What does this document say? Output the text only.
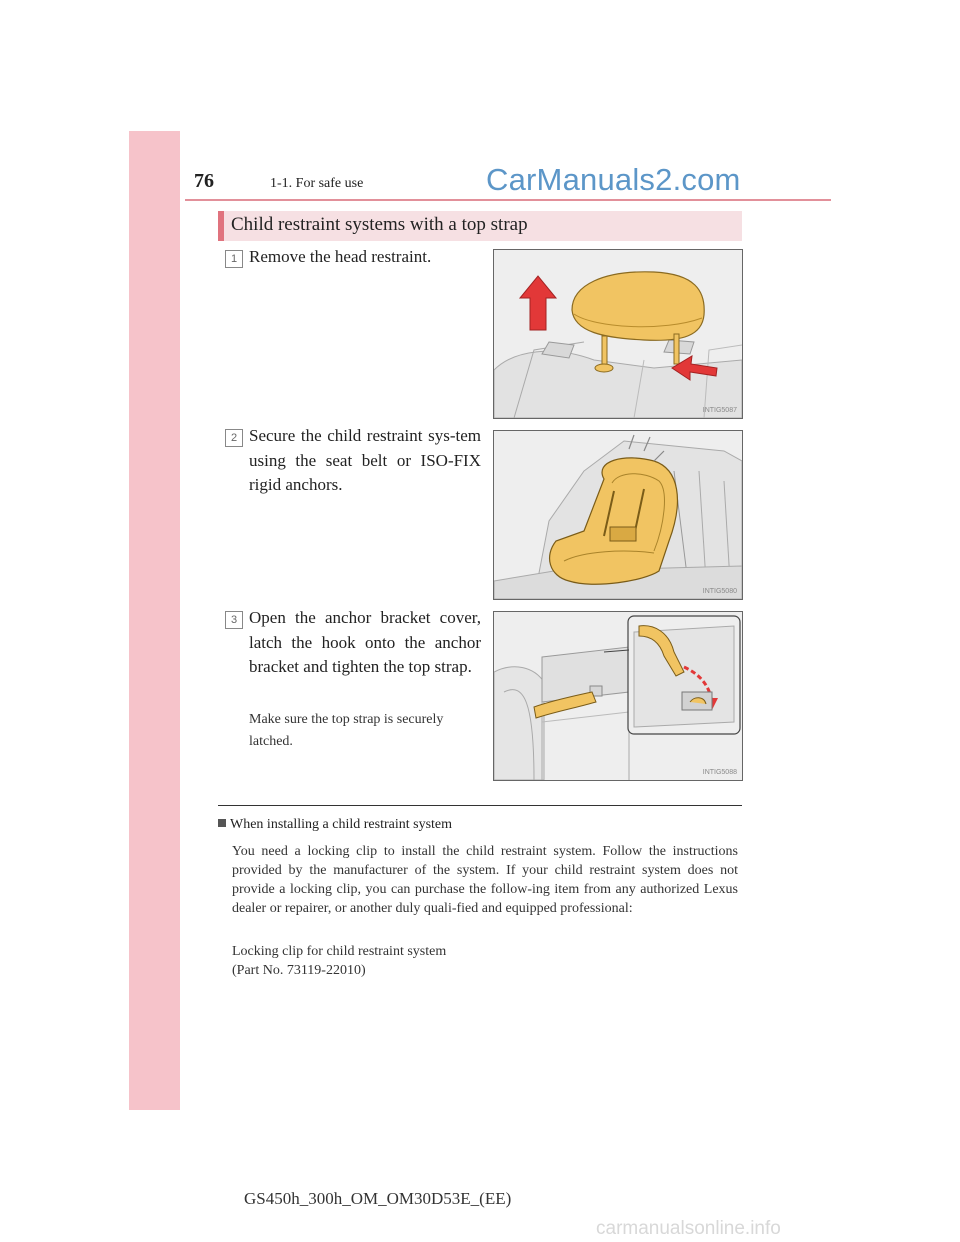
76	1-1. For safe use	CarManuals2.com
Child restraint systems with a top strap
1 Remove the head restraint.
INTIG5087
2 Secure the child restraint sys-tem using the seat belt or ISO-FIX rigid anchors.
INTIG5080
3 Open the anchor bracket cover, latch the hook onto the anchor bracket and tighten the top strap.
Make sure the top strap is securely latched.
INTIG5088
When installing a child restraint system

You need a locking clip to install the child restraint system. Follow the instructions provided by the manufacturer of the system. If your child restraint system does not provide a locking clip, you can purchase the follow-ing item from any authorized Lexus dealer or repairer, or another duly quali-fied and equipped professional:

Locking clip for child restraint system
(Part No. 73119-22010)
GS450h_300h_OM_OM30D53E_(EE)
carmanualsonline.info
